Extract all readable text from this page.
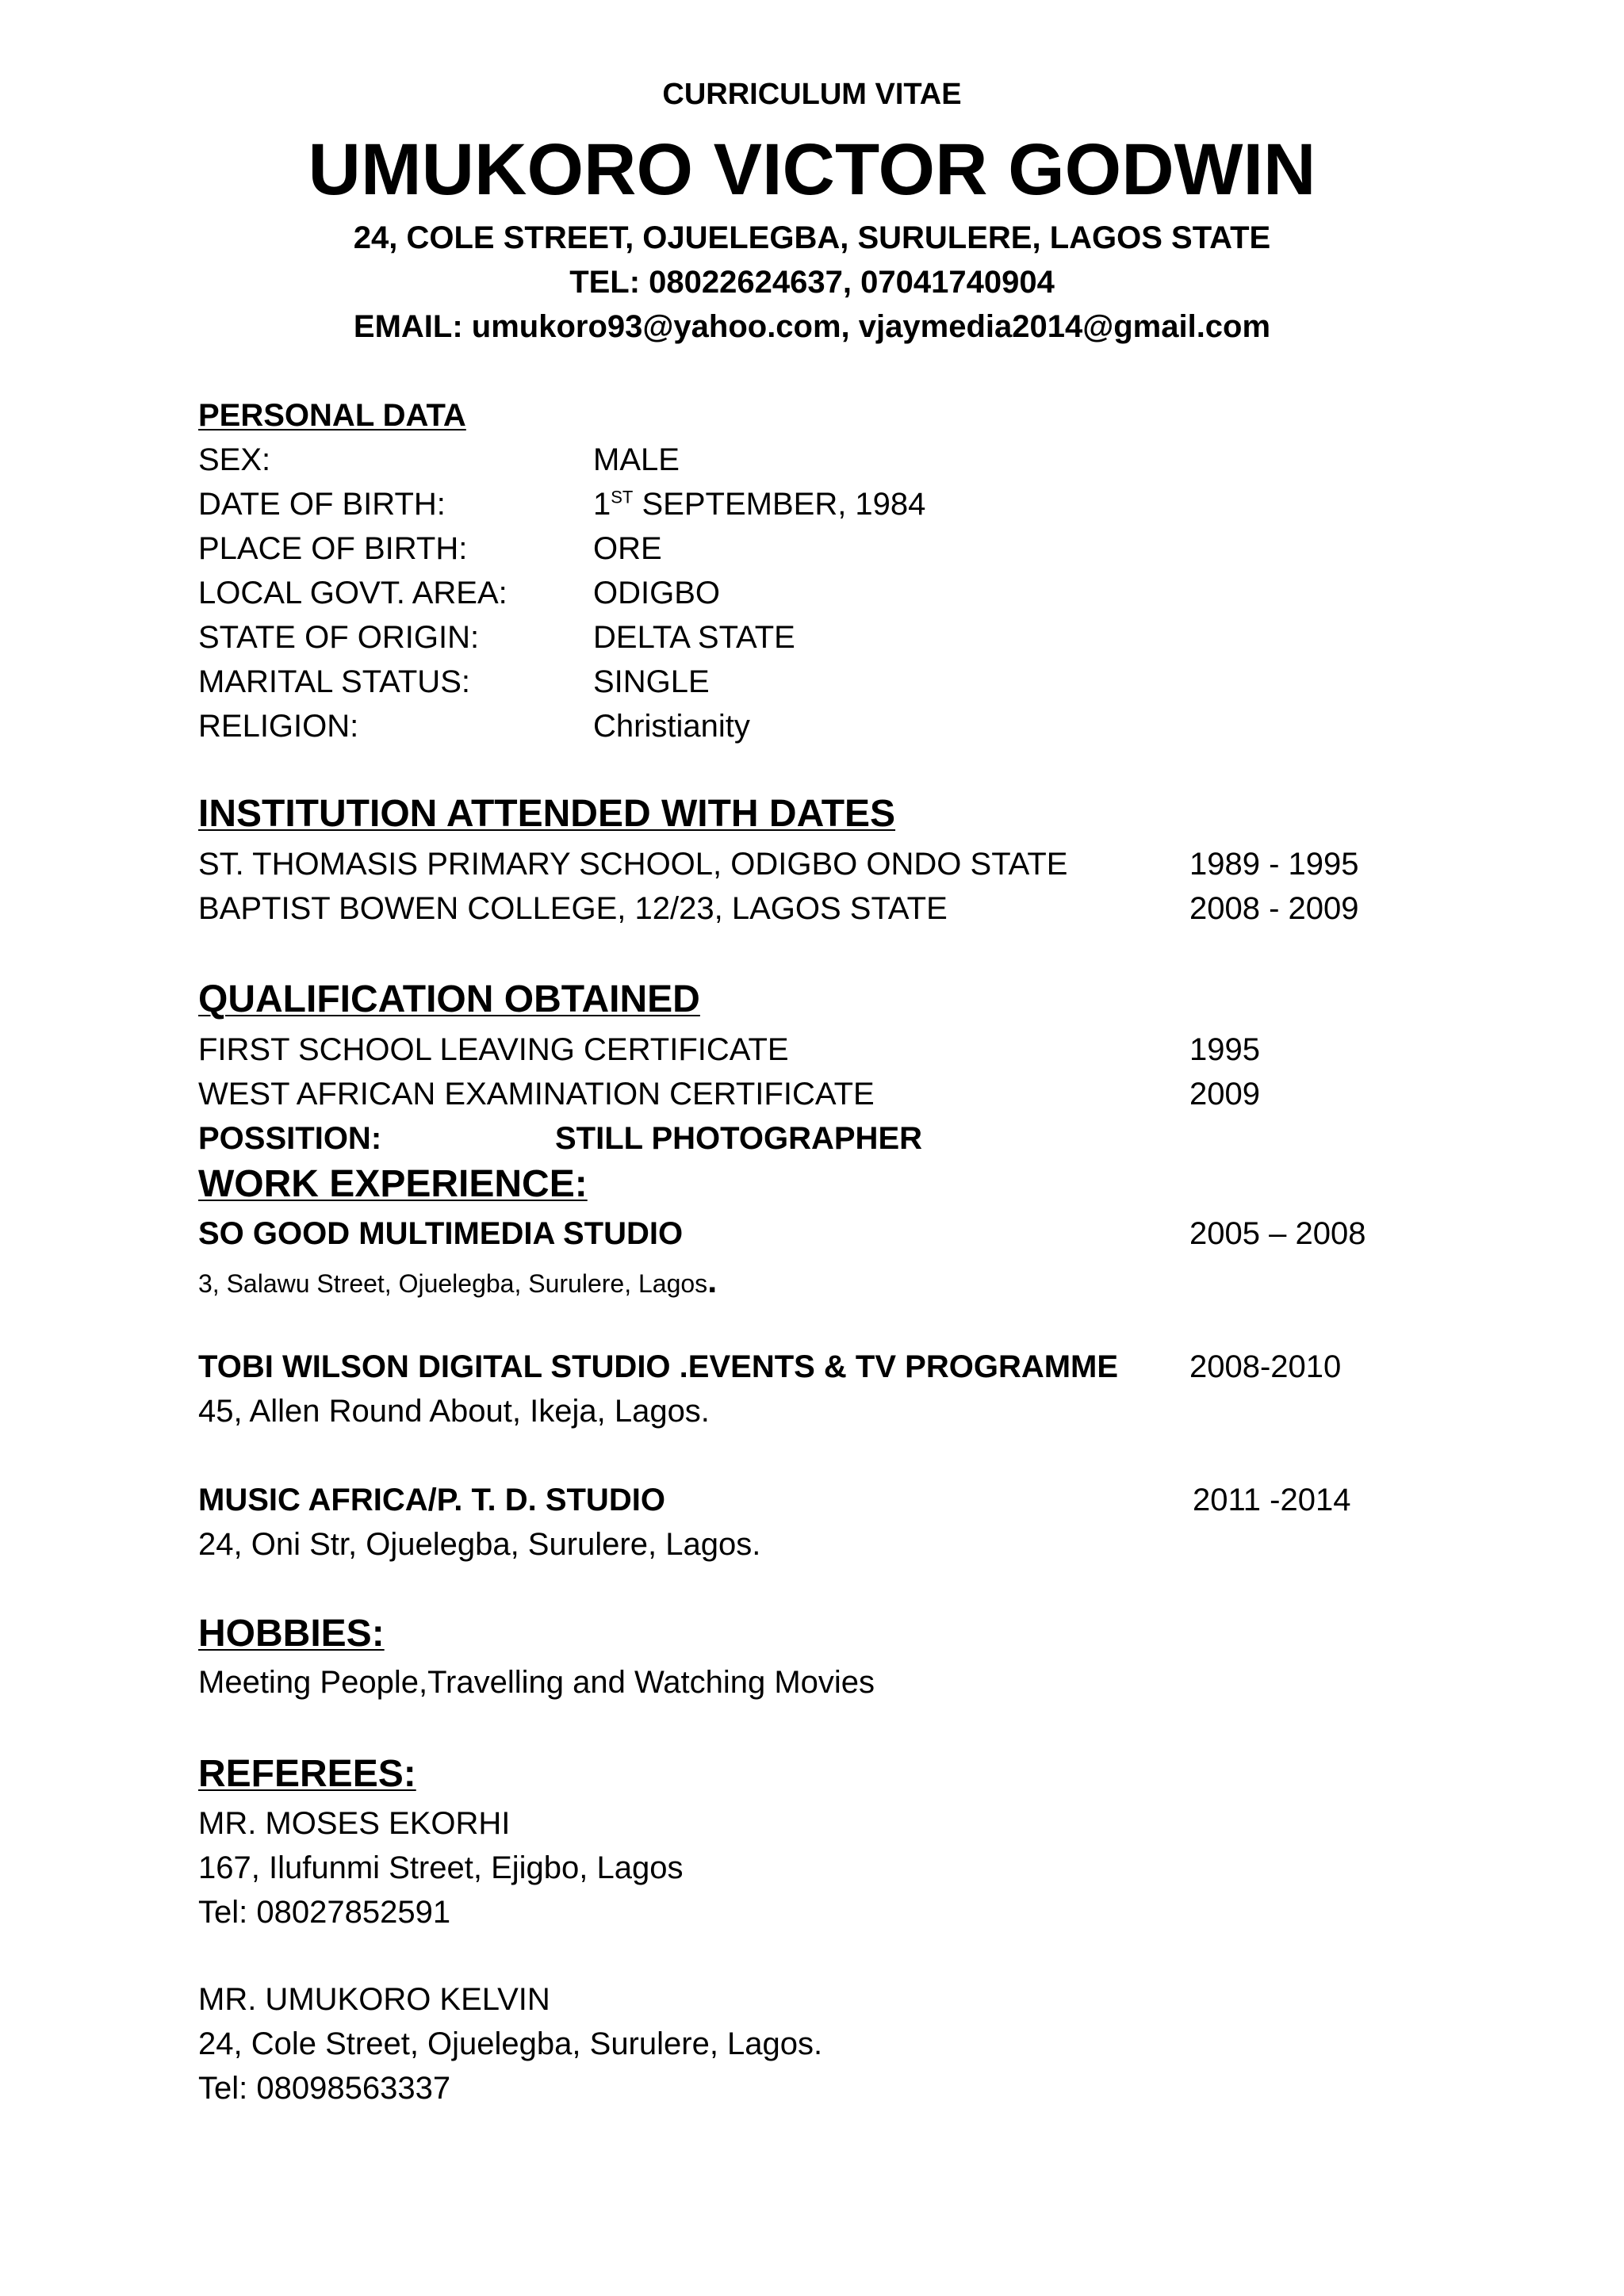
CURRICULUM VITAE
UMUKORO VICTOR GODWIN
24, COLE STREET, OJUELEGBA, SURULERE, LAGOS STATE
TEL: 08022624637, 07041740904
EMAIL: umukoro93@yahoo.com, vjaymedia2014@gmail.com
PERSONAL DATA
SEX:	MALE
DATE OF BIRTH:	1ST SEPTEMBER, 1984
PLACE OF BIRTH:	ORE
LOCAL GOVT. AREA:	ODIGBO
STATE OF ORIGIN:	DELTA STATE
MARITAL STATUS:	SINGLE
RELIGION:	Christianity
INSTITUTION ATTENDED WITH DATES
ST. THOMASIS PRIMARY SCHOOL, ODIGBO ONDO STATE	1989 - 1995
BAPTIST BOWEN COLLEGE, 12/23, LAGOS STATE	2008 - 2009
QUALIFICATION OBTAINED
FIRST SCHOOL LEAVING CERTIFICATE	1995
WEST AFRICAN EXAMINATION CERTIFICATE	2009
POSSITION:	STILL PHOTOGRAPHER
WORK EXPERIENCE:
SO GOOD MULTIMEDIA STUDIO	2005 – 2008
3, Salawu Street, Ojuelegba, Surulere, Lagos.
TOBI WILSON DIGITAL STUDIO .EVENTS & TV PROGRAMME 2008-2010
45, Allen Round About, Ikeja, Lagos.
MUSIC AFRICA/P. T. D. STUDIO	2011 -2014
24, Oni Str, Ojuelegba, Surulere, Lagos.
HOBBIES:
Meeting People,Travelling and Watching Movies
REFEREES:
MR. MOSES EKORHI
167, Ilufunmi Street, Ejigbo, Lagos
Tel: 08027852591
MR. UMUKORO KELVIN
24, Cole Street, Ojuelegba, Surulere, Lagos.
Tel: 08098563337
